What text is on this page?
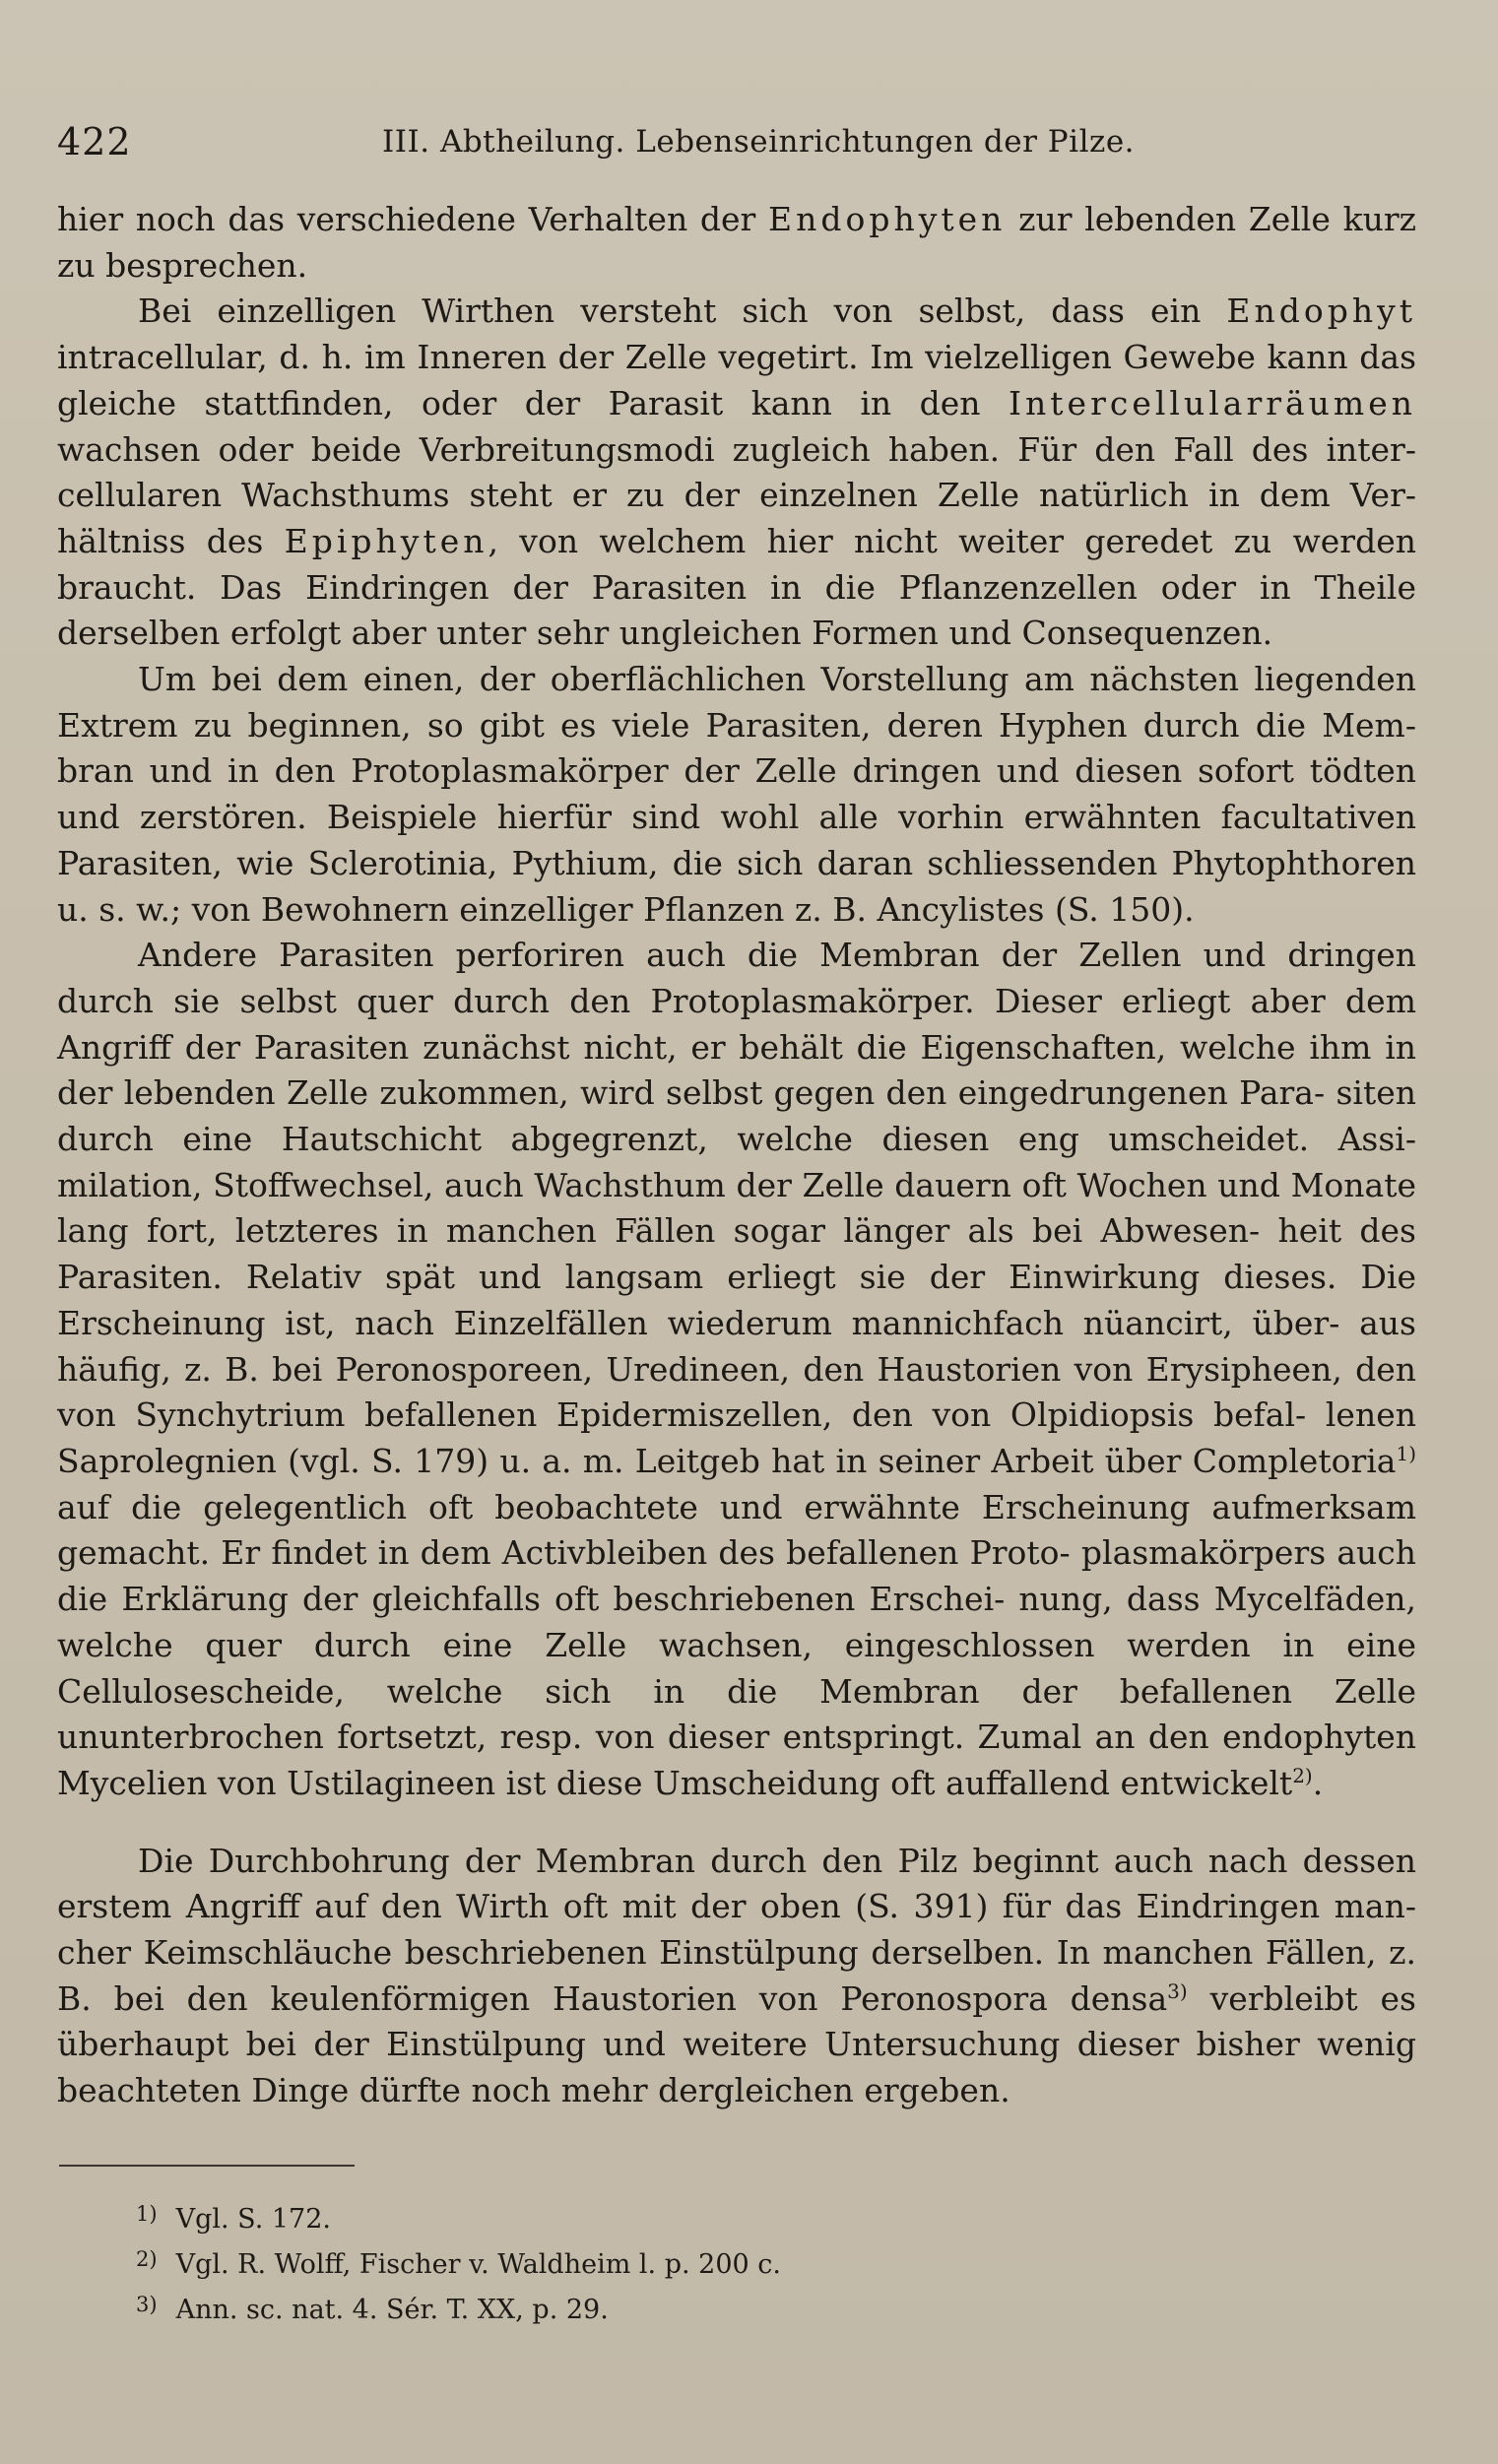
422	III. Abtheilung. Lebenseinrichtungen der Pilze.

hier noch das verschiedene Verhalten der Endophyten zur lebenden Zelle kurz zu besprechen.

Bei einzelligen Wirthen versteht sich von selbst, dass ein Endophyt intracellular, d. h. im Inneren der Zelle vegetirt. Im vielzelligen Gewebe kann das gleiche stattfinden, oder der Parasit kann in den Intercellularräumen wachsen oder beide Verbreitungsmodi zugleich haben. Für den Fall des inter- cellularen Wachsthums steht er zu der einzelnen Zelle natürlich in dem Ver- hältniss des Epiphyten, von welchem hier nicht weiter geredet zu werden braucht. Das Eindringen der Parasiten in die Pflanzenzellen oder in Theile derselben erfolgt aber unter sehr ungleichen Formen und Consequenzen.

Um bei dem einen, der oberflächlichen Vorstellung am nächsten liegenden Extrem zu beginnen, so gibt es viele Parasiten, deren Hyphen durch die Mem- bran und in den Protoplasmakörper der Zelle dringen und diesen sofort tödten und zerstören. Beispiele hierfür sind wohl alle vorhin erwähnten facultativen Parasiten, wie Sclerotinia, Pythium, die sich daran schliessenden Phytophthoren u. s. w.; von Bewohnern einzelliger Pflanzen z. B. Ancylistes (S. 150).

Andere Parasiten perforiren auch die Membran der Zellen und dringen durch sie selbst quer durch den Protoplasmakörper. Dieser erliegt aber dem Angriff der Parasiten zunächst nicht, er behält die Eigenschaften, welche ihm in der lebenden Zelle zukommen, wird selbst gegen den eingedrungenen Para- siten durch eine Hautschicht abgegrenzt, welche diesen eng umscheidet. Assi- milation, Stoffwechsel, auch Wachsthum der Zelle dauern oft Wochen und Monate lang fort, letzteres in manchen Fällen sogar länger als bei Abwesen- heit des Parasiten. Relativ spät und langsam erliegt sie der Einwirkung dieses. Die Erscheinung ist, nach Einzelfällen wiederum mannichfach nüancirt, über- aus häufig, z. B. bei Peronosporeen, Uredineen, den Haustorien von Erysipheen, den von Synchytrium befallenen Epidermiszellen, den von Olpidiopsis befal- lenen Saprolegnien (vgl. S. 179) u. a. m. Leitgeb hat in seiner Arbeit über Completoria$^{1)}$ auf die gelegentlich oft beobachtete und erwähnte Erscheinung aufmerksam gemacht. Er findet in dem Activbleiben des befallenen Proto- plasmakörpers auch die Erklärung der gleichfalls oft beschriebenen Erschei- nung, dass Mycelfäden, welche quer durch eine Zelle wachsen, eingeschlossen werden in eine Cellulosescheide, welche sich in die Membran der befallenen Zelle ununterbrochen fortsetzt, resp. von dieser entspringt. Zumal an den endophyten Mycelien von Ustilagineen ist diese Umscheidung oft auffallend entwickelt$^{2)}$.

Die Durchbohrung der Membran durch den Pilz beginnt auch nach dessen erstem Angriff auf den Wirth oft mit der oben (S. 391) für das Eindringen man- cher Keimschläuche beschriebenen Einstülpung derselben. In manchen Fällen, z. B. bei den keulenförmigen Haustorien von Peronospora densa$^{3)}$ verbleibt es überhaupt bei der Einstülpung und weitere Untersuchung dieser bisher wenig beachteten Dinge dürfte noch mehr dergleichen ergeben.

1) Vgl. S. 172.

2) Vgl. R. Wolff, Fischer v. Waldheim l. p. 200 c.

3) Ann. sc. nat. 4. Sér. T. XX, p. 29.
